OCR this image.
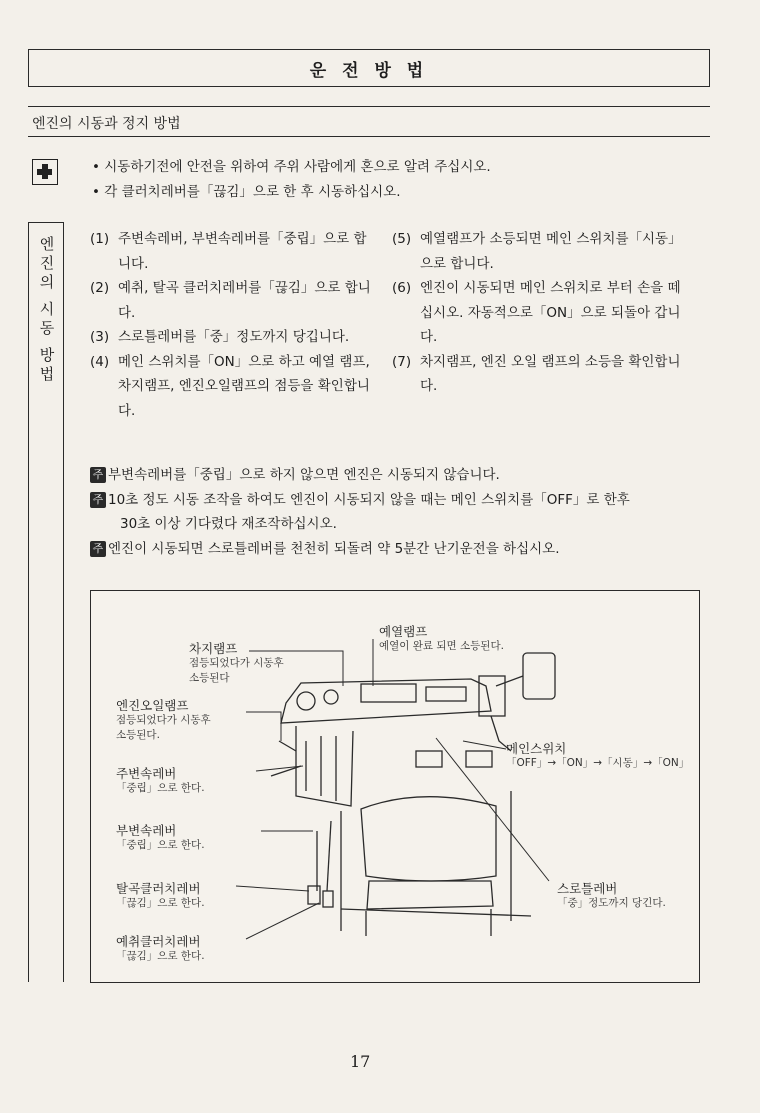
운 전 방 법
엔진의 시동과 정지 방법
• 시동하기전에 안전을 위하여 주위 사람에게 혼으로 알려 주십시오.
• 각 클러치레버를「끊김」으로 한 후 시동하십시오.
엔
진
의
시
동
방
법
(1) 주변속레버, 부변속레버를「중립」으로 합니다.
(2) 예취, 탈곡 클러치레버를「끊김」으로 합니다.
(3) 스로틀레버를「중」정도까지 당깁니다.
(4) 메인 스위치를「ON」으로 하고 예열 램프, 차지램프, 엔진오일램프의 점등을 확인합니다.
(5) 예열램프가 소등되면 메인 스위치를「시동」으로 합니다.
(6) 엔진이 시동되면 메인 스위치로 부터 손을 떼십시오. 자동적으로「ON」으로 되돌아 갑니다.
(7) 차지램프, 엔진 오일 램프의 소등을 확인합니다.
주 부변속레버를「중립」으로 하지 않으면 엔진은 시동되지 않습니다.
주 10초 정도 시동 조작을 하여도 엔진이 시동되지 않을 때는 메인 스위치를「OFF」로 한후
30초 이상 기다렸다 재조작하십시오.
주 엔진이 시동되면 스로틀레버를 천천히 되돌려 약 5분간 난기운전을 하십시오.
차지램프
점등되었다가 시동후
소등된다
예열램프
예열이 완료 되면 소등된다.
엔진오일램프
점등되었다가 시동후
소등된다.
메인스위치
「OFF」→「ON」→「시동」→「ON」
주변속레버
「중립」으로 한다.
부변속레버
「중립」으로 한다.
스로틀레버
「중」정도까지 당긴다.
탈곡클러치레버
「끊김」으로 한다.
예취클러치레버
「끊김」으로 한다.
17
